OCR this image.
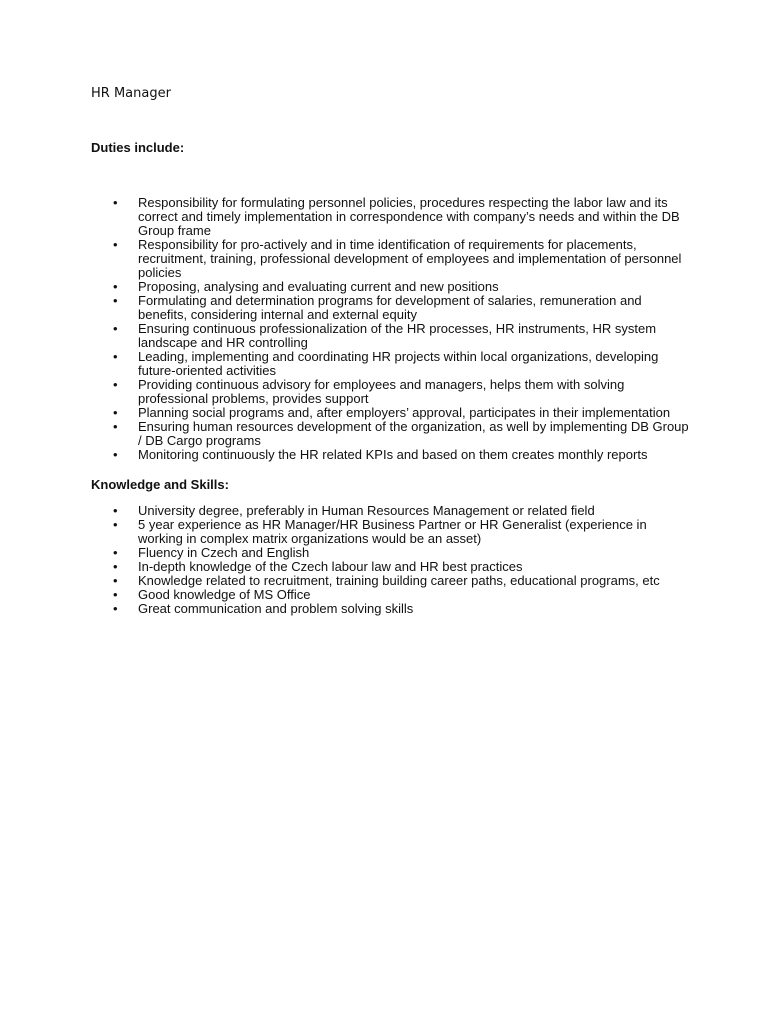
HR Manager
Duties include:
• Responsibility for formulating personnel policies, procedures respecting the labor law and its correct and timely implementation in correspondence with company’s needs and within the DB Group frame
• Responsibility for pro-actively and in time identification of requirements for placements, recruitment, training, professional development of employees and implementation of personnel policies
• Proposing, analysing and evaluating current and new positions
• Formulating and determination programs for development of salaries, remuneration and benefits, considering internal and external equity
• Ensuring continuous professionalization of the HR processes, HR instruments, HR system landscape and HR controlling
• Leading, implementing and coordinating HR projects within local organizations, developing future-oriented activities
• Providing continuous advisory for employees and managers, helps them with solving professional problems, provides support
• Planning social programs and, after employers’ approval, participates in their implementation
• Ensuring human resources development of the organization, as well by implementing DB Group / DB Cargo programs
• Monitoring continuously the HR related KPIs and based on them creates monthly reports
Knowledge and Skills:
• University degree, preferably in Human Resources Management or related field
• 5 year experience as HR Manager/HR Business Partner or HR Generalist (experience in working in complex matrix organizations would be an asset)
• Fluency in Czech and English
• In-depth knowledge of the Czech labour law and HR best practices
• Knowledge related to recruitment, training building career paths, educational programs, etc
• Good knowledge of MS Office
• Great communication and problem solving skills
